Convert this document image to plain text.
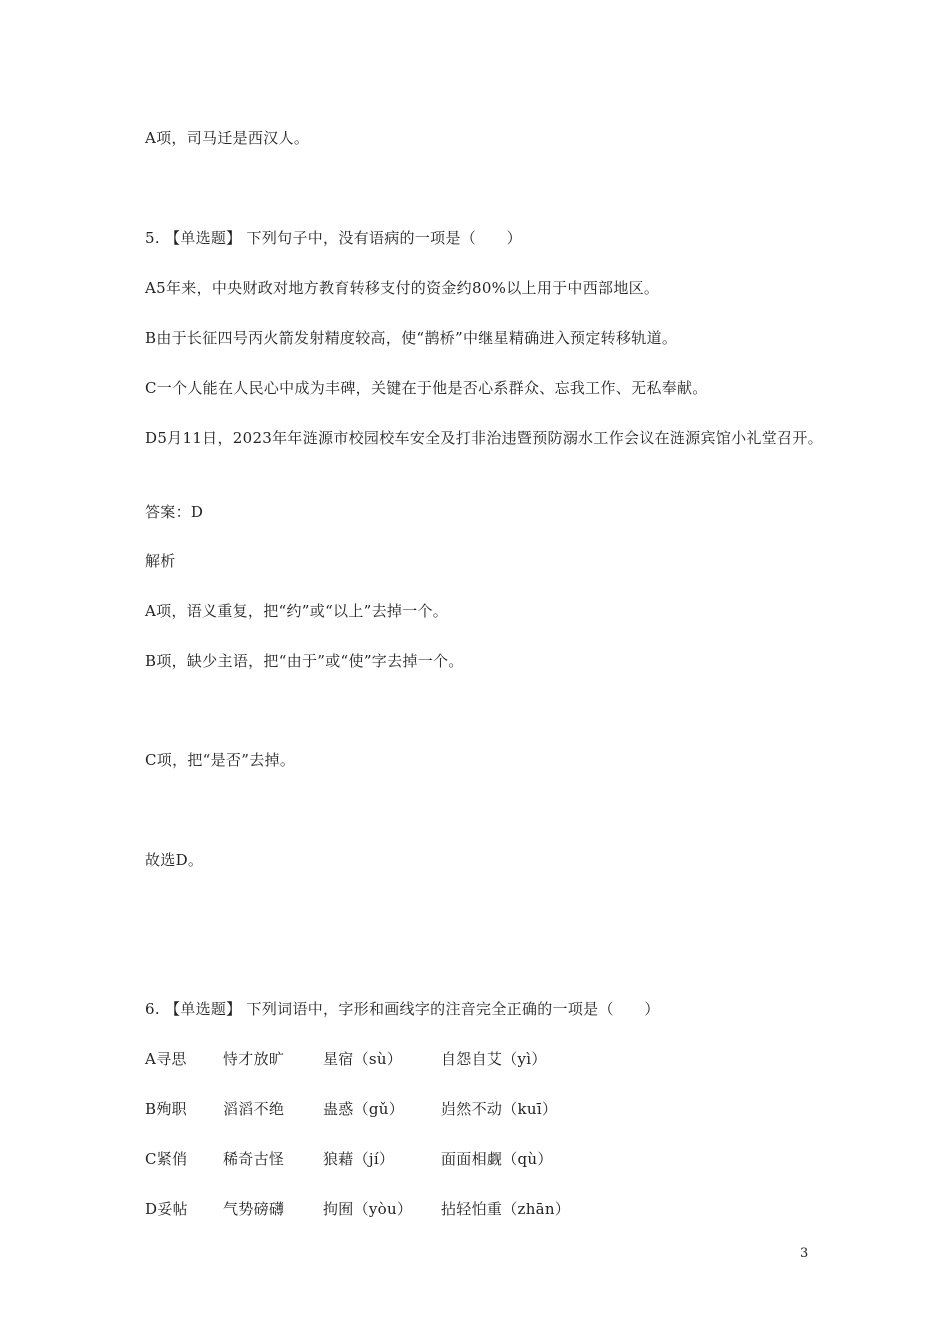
A项，司马迁是西汉人。
5. 【单选题】 下列句子中，没有语病的一项是（　　）
A5年来，中央财政对地方教育转移支付的资金约80%以上用于中西部地区。
B由于长征四号丙火箭发射精度较高，使“鹊桥”中继星精确进入预定转移轨道。
C一个人能在人民心中成为丰碑，关键在于他是否心系群众、忘我工作、无私奉献。
D5月11日，2023年年涟源市校园校车安全及打非治违暨预防溺水工作会议在涟源宾馆小礼堂召开。
答案：D
解析
A项，语义重复，把“约”或“以上”去掉一个。
B项，缺少主语，把“由于”或“使”字去掉一个。
C项，把“是否”去掉。
故选D。
6. 【单选题】 下列词语中，字形和画线字的注音完全正确的一项是（　　）
A寻思 恃才放旷	星宿（sù）	自怨自艾（yì）
B殉职 滔滔不绝	蛊惑（gǔ） 岿然不动（kuī）
C紧俏 稀奇古怪	狼藉（jí）	面面相觑（qù）
D妥帖 气势磅礴	拘囿（yòu） 拈轻怕重（zhān）
3
